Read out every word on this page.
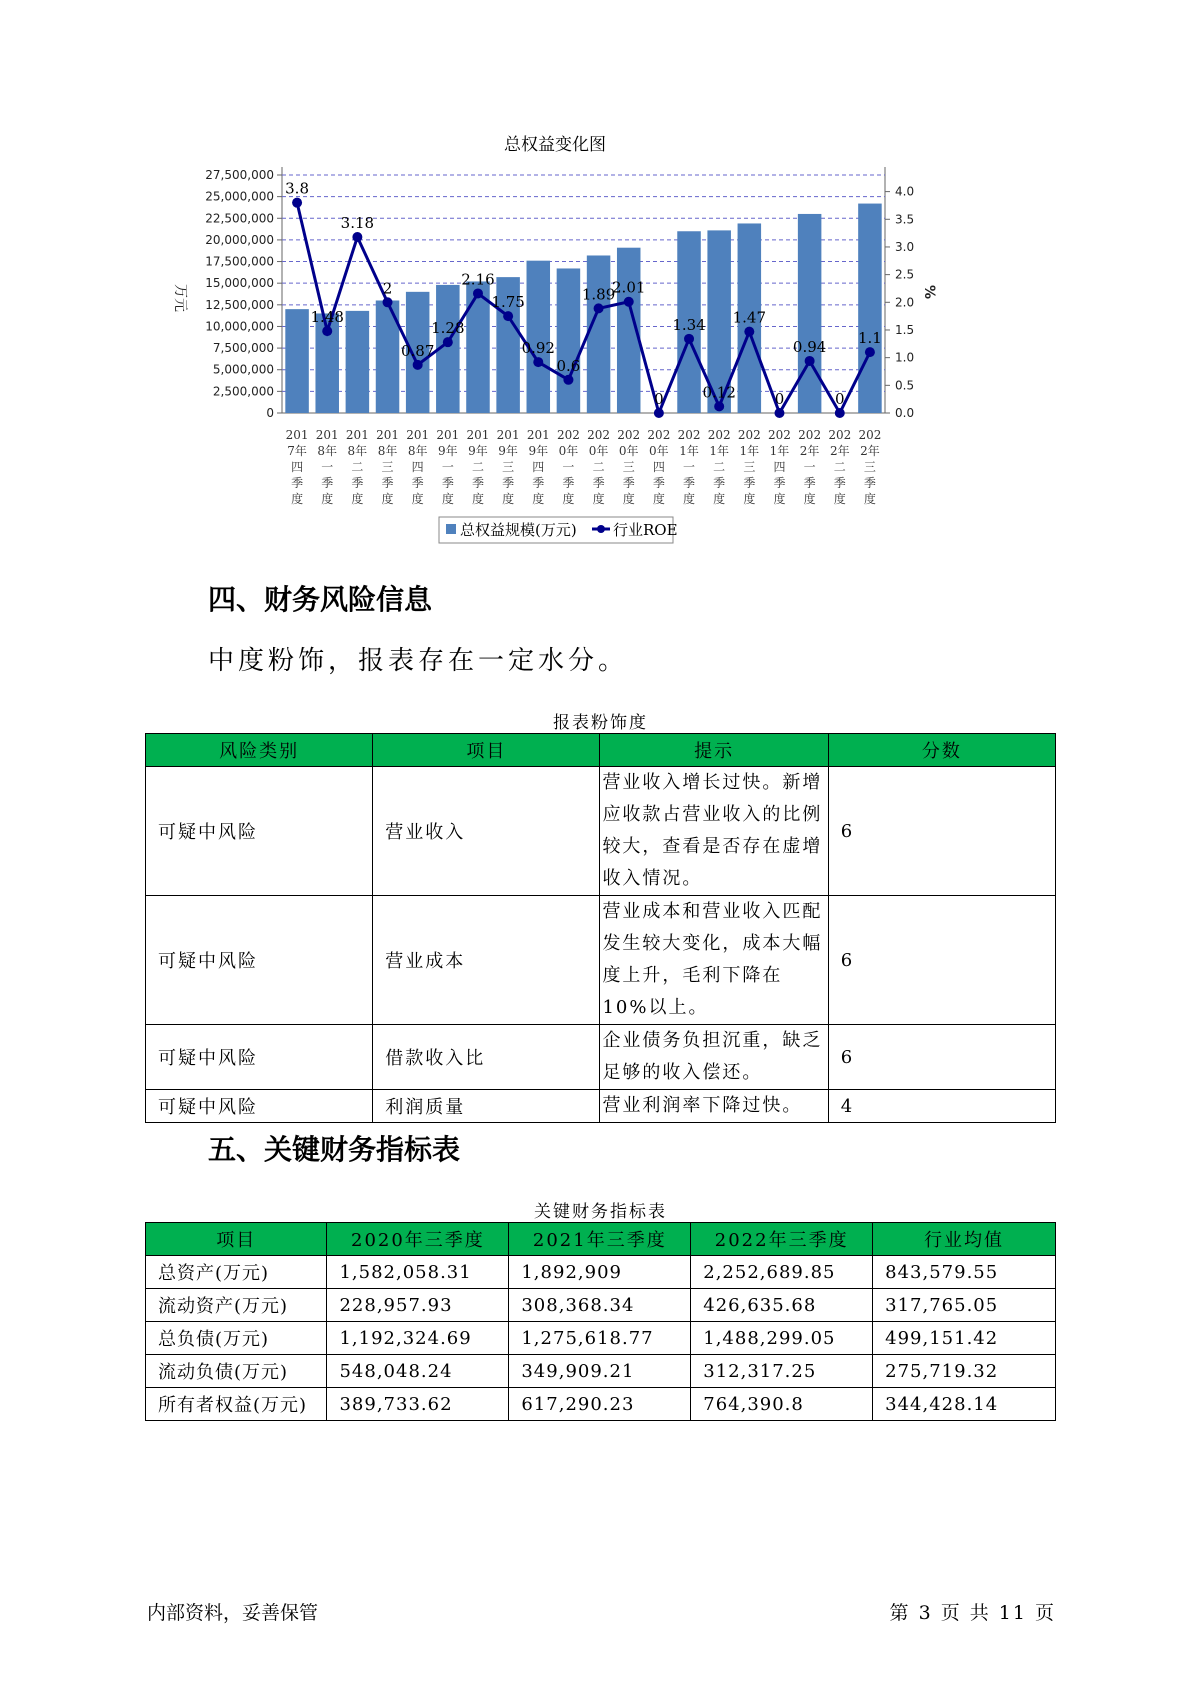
总权益变化图
0
2,500,000
5,000,000
7,500,000
10,000,000
12,500,000
15,000,000
17,500,000
20,000,000
22,500,000
25,000,000
27,500,000
0.0
0.5
1.0
1.5
2.0
2.5
3.0
3.5
4.0
3.8
1.48
3.18
2
0.87
1.28
2.16
1.75
0.92
0.6
1.89
2.01
0
1.34
0.12
1.47
0
0.94
0
1.1
201 7年四季度
201 8年一季度
201 8年二季度
201 8年三季度
201 8年四季度
201 9年一季度
201 9年二季度
201 9年三季度
201 9年四季度
202 0年一季度
202 0年二季度
202 0年三季度
202 0年四季度
202 1年一季度
202 1年二季度
202 1年三季度
202 1年四季度
202 2年一季度
202 2年二季度
202 2年三季度
万元	%
总权益规模(万元) 行业ROE
四、财务风险信息

中度粉饰，报表存在一定水分。

报表粉饰度
风险类别	项目	提示	分数
可疑中风险	营业收入	营业收入增长过快。新增应收款占营业收入的比例较大，查看是否存在虚增收入情况。	6
可疑中风险	营业成本	营业成本和营业收入匹配发生较大变化，成本大幅度上升，毛利下降在10%以上。	6
可疑中风险	借款收入比	企业债务负担沉重，缺乏足够的收入偿还。	6
可疑中风险	利润质量	营业利润率下降过快。	4
五、关键财务指标表
关键财务指标表
项目	2020年三季度	2021年三季度	2022年三季度	行业均值
总资产(万元)	1,582,058.31	1,892,909	2,252,689.85	843,579.55
流动资产(万元)	228,957.93	308,368.34	426,635.68	317,765.05
总负债(万元)	1,192,324.69	1,275,618.77	1,488,299.05	499,151.42
流动负债(万元)	548,048.24	349,909.21	312,317.25	275,719.32
所有者权益(万元)	389,733.62	617,290.23	764,390.8	344,428.14
内部资料，妥善保管	第 3 页 共 11 页
